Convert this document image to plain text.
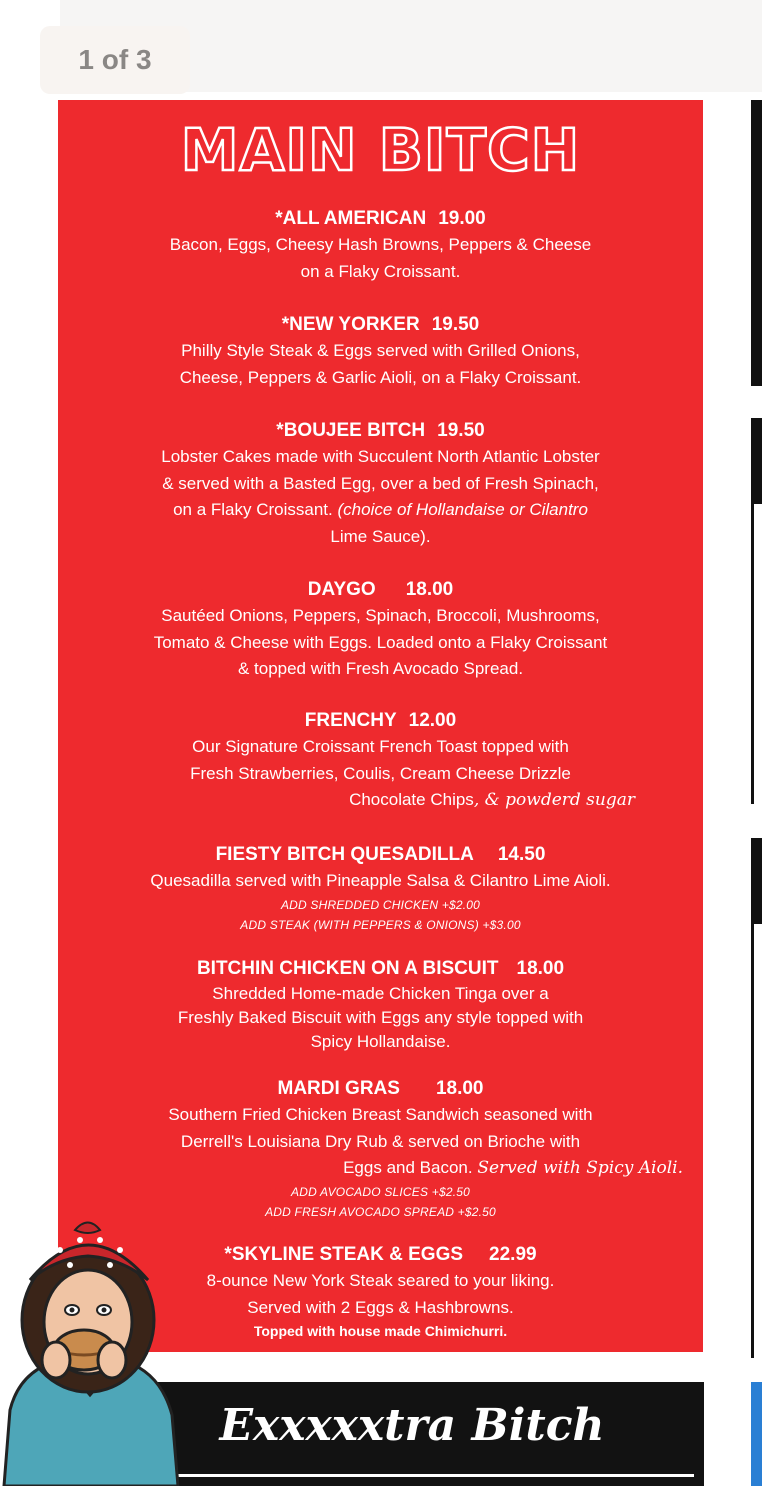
1 of 3
MAIN BITCH
*ALL AMERICAN 19.00
Bacon, Eggs, Cheesy Hash Browns, Peppers & Cheese
on a Flaky Croissant.
*NEW YORKER 19.50
Philly Style Steak & Eggs served with Grilled Onions,
Cheese, Peppers & Garlic Aioli, on a Flaky Croissant.
*BOUJEE BITCH 19.50
Lobster Cakes made with Succulent North Atlantic Lobster
& served with a Basted Egg, over a bed of Fresh Spinach,
on a Flaky Croissant. (choice of Hollandaise or Cilantro
Lime Sauce).
DAYGO 18.00
Sautéed Onions, Peppers, Spinach, Broccoli, Mushrooms,
Tomato & Cheese with Eggs. Loaded onto a Flaky Croissant
& topped with Fresh Avocado Spread.
FRENCHY 12.00
Our Signature Croissant French Toast topped with
Fresh Strawberries, Coulis, Cream Cheese Drizzle
Chocolate Chips, & powderd sugar
FIESTY BITCH QUESADILLA 14.50
Quesadilla served with Pineapple Salsa & Cilantro Lime Aioli.
ADD SHREDDED CHICKEN +$2.00
ADD STEAK (WITH PEPPERS & ONIONS) +$3.00
BITCHIN CHICKEN ON A BISCUIT 18.00
Shredded Home-made Chicken Tinga over a
Freshly Baked Biscuit with Eggs any style topped with
Spicy Hollandaise.
MARDI GRAS 18.00
Southern Fried Chicken Breast Sandwich seasoned with
Derrell's Louisiana Dry Rub & served on Brioche with
Eggs and Bacon. Served with Spicy Aioli.
ADD AVOCADO SLICES +$2.50
ADD FRESH AVOCADO SPREAD +$2.50
*SKYLINE STEAK & EGGS 22.99
8-ounce New York Steak seared to your liking.
Served with 2 Eggs & Hashbrowns.
Topped with house made Chimichurri.
Exxxxxtra Bitch
